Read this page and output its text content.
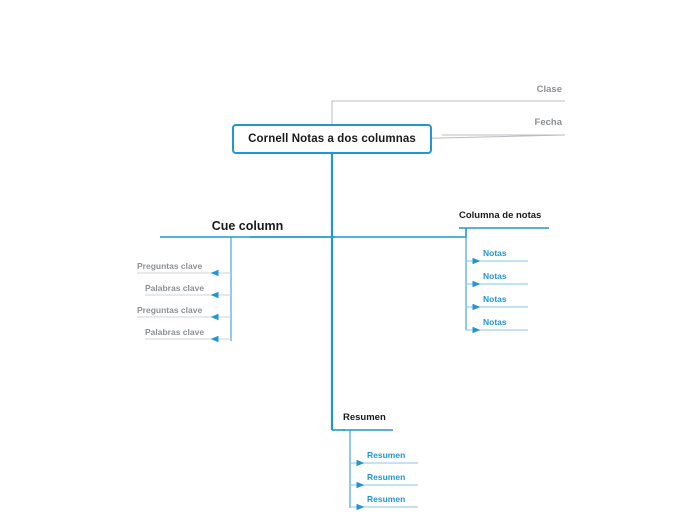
Cornell Notas a dos columnas
Clase
Fecha
Cue column
Columna de notas
Resumen
Preguntas clave
Palabras clave
Preguntas clave
Palabras clave
Notas
Notas
Notas
Notas
Resumen
Resumen
Resumen
